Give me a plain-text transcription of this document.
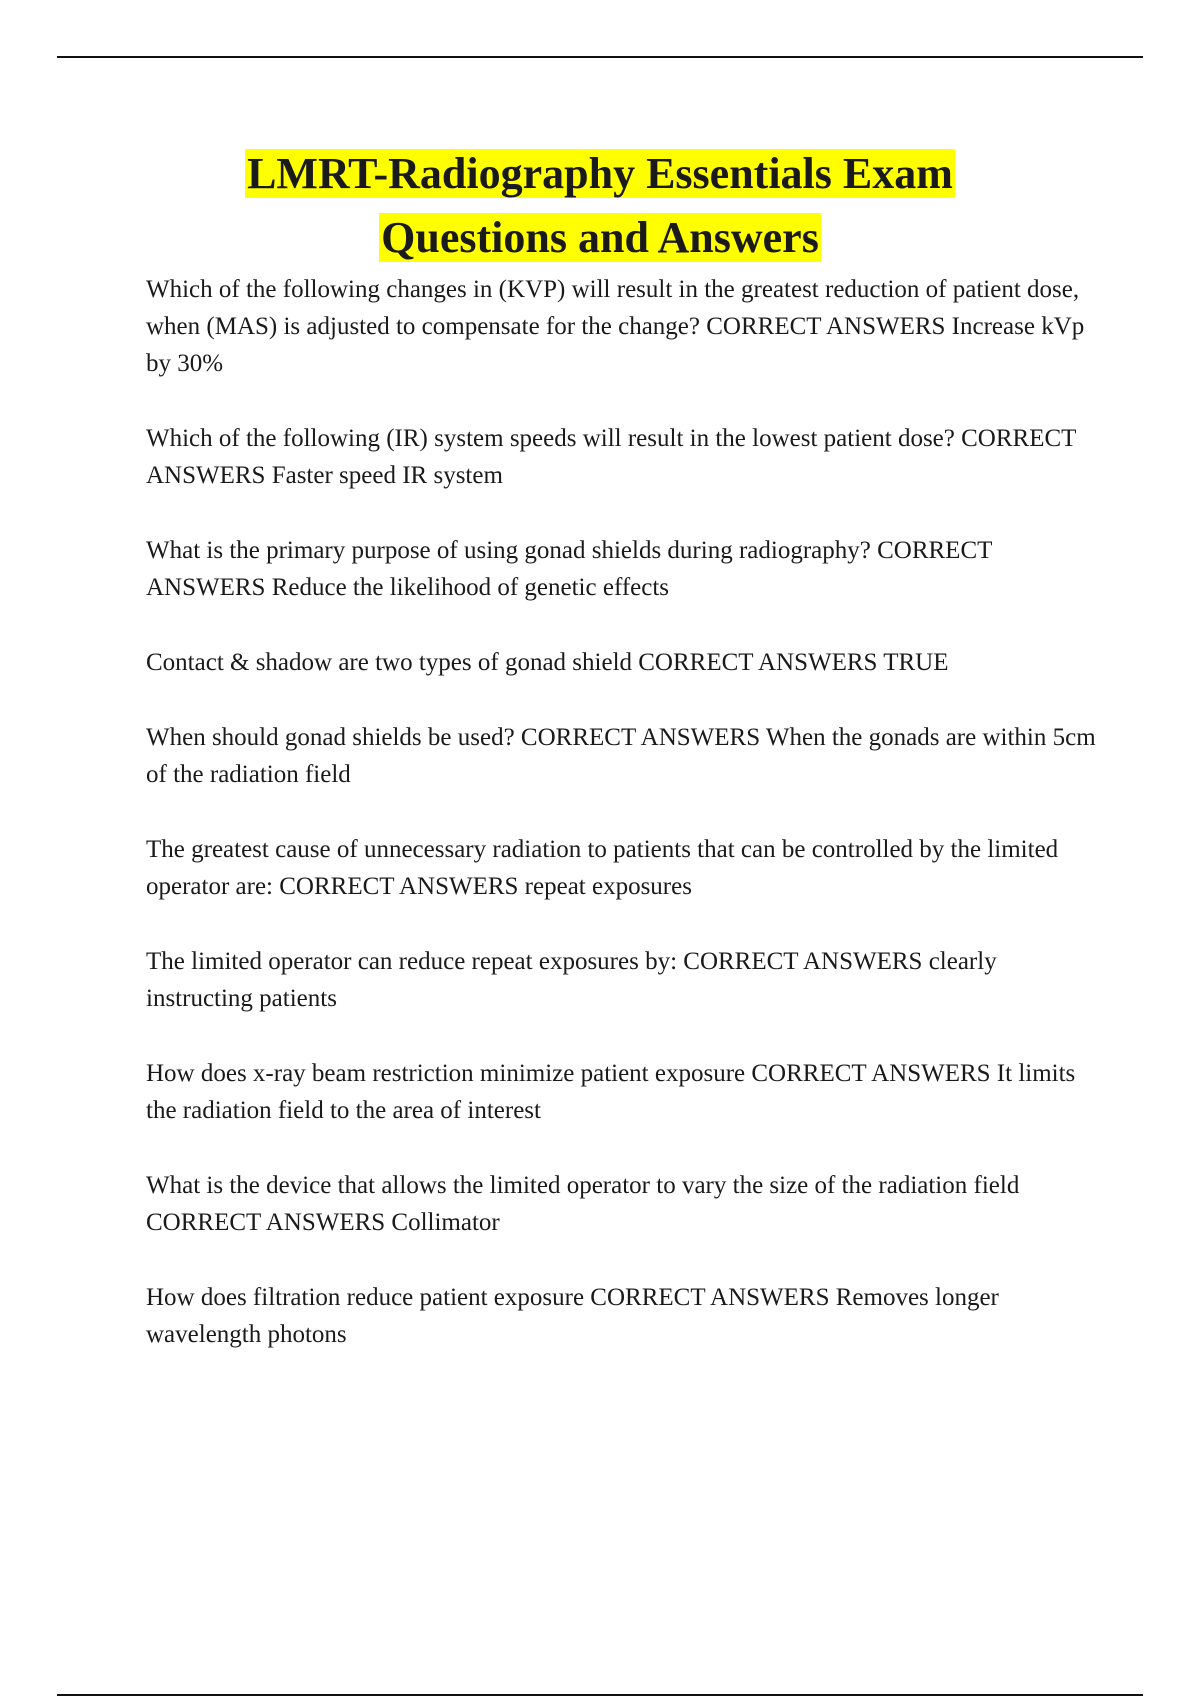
LMRT-Radiography Essentials Exam
Questions and Answers

Which of the following changes in (KVP) will result in the greatest reduction of patient dose, when (MAS) is adjusted to compensate for the change? CORRECT ANSWERS Increase kVp by 30%

Which of the following (IR) system speeds will result in the lowest patient dose? CORRECT ANSWERS Faster speed IR system

What is the primary purpose of using gonad shields during radiography? CORRECT ANSWERS Reduce the likelihood of genetic effects

Contact & shadow are two types of gonad shield CORRECT ANSWERS TRUE

When should gonad shields be used? CORRECT ANSWERS When the gonads are within 5cm of the radiation field

The greatest cause of unnecessary radiation to patients that can be controlled by the limited operator are: CORRECT ANSWERS repeat exposures

The limited operator can reduce repeat exposures by: CORRECT ANSWERS clearly instructing patients

How does x-ray beam restriction minimize patient exposure CORRECT ANSWERS It limits the radiation field to the area of interest

What is the device that allows the limited operator to vary the size of the radiation field CORRECT ANSWERS Collimator

How does filtration reduce patient exposure CORRECT ANSWERS Removes longer wavelength photons
